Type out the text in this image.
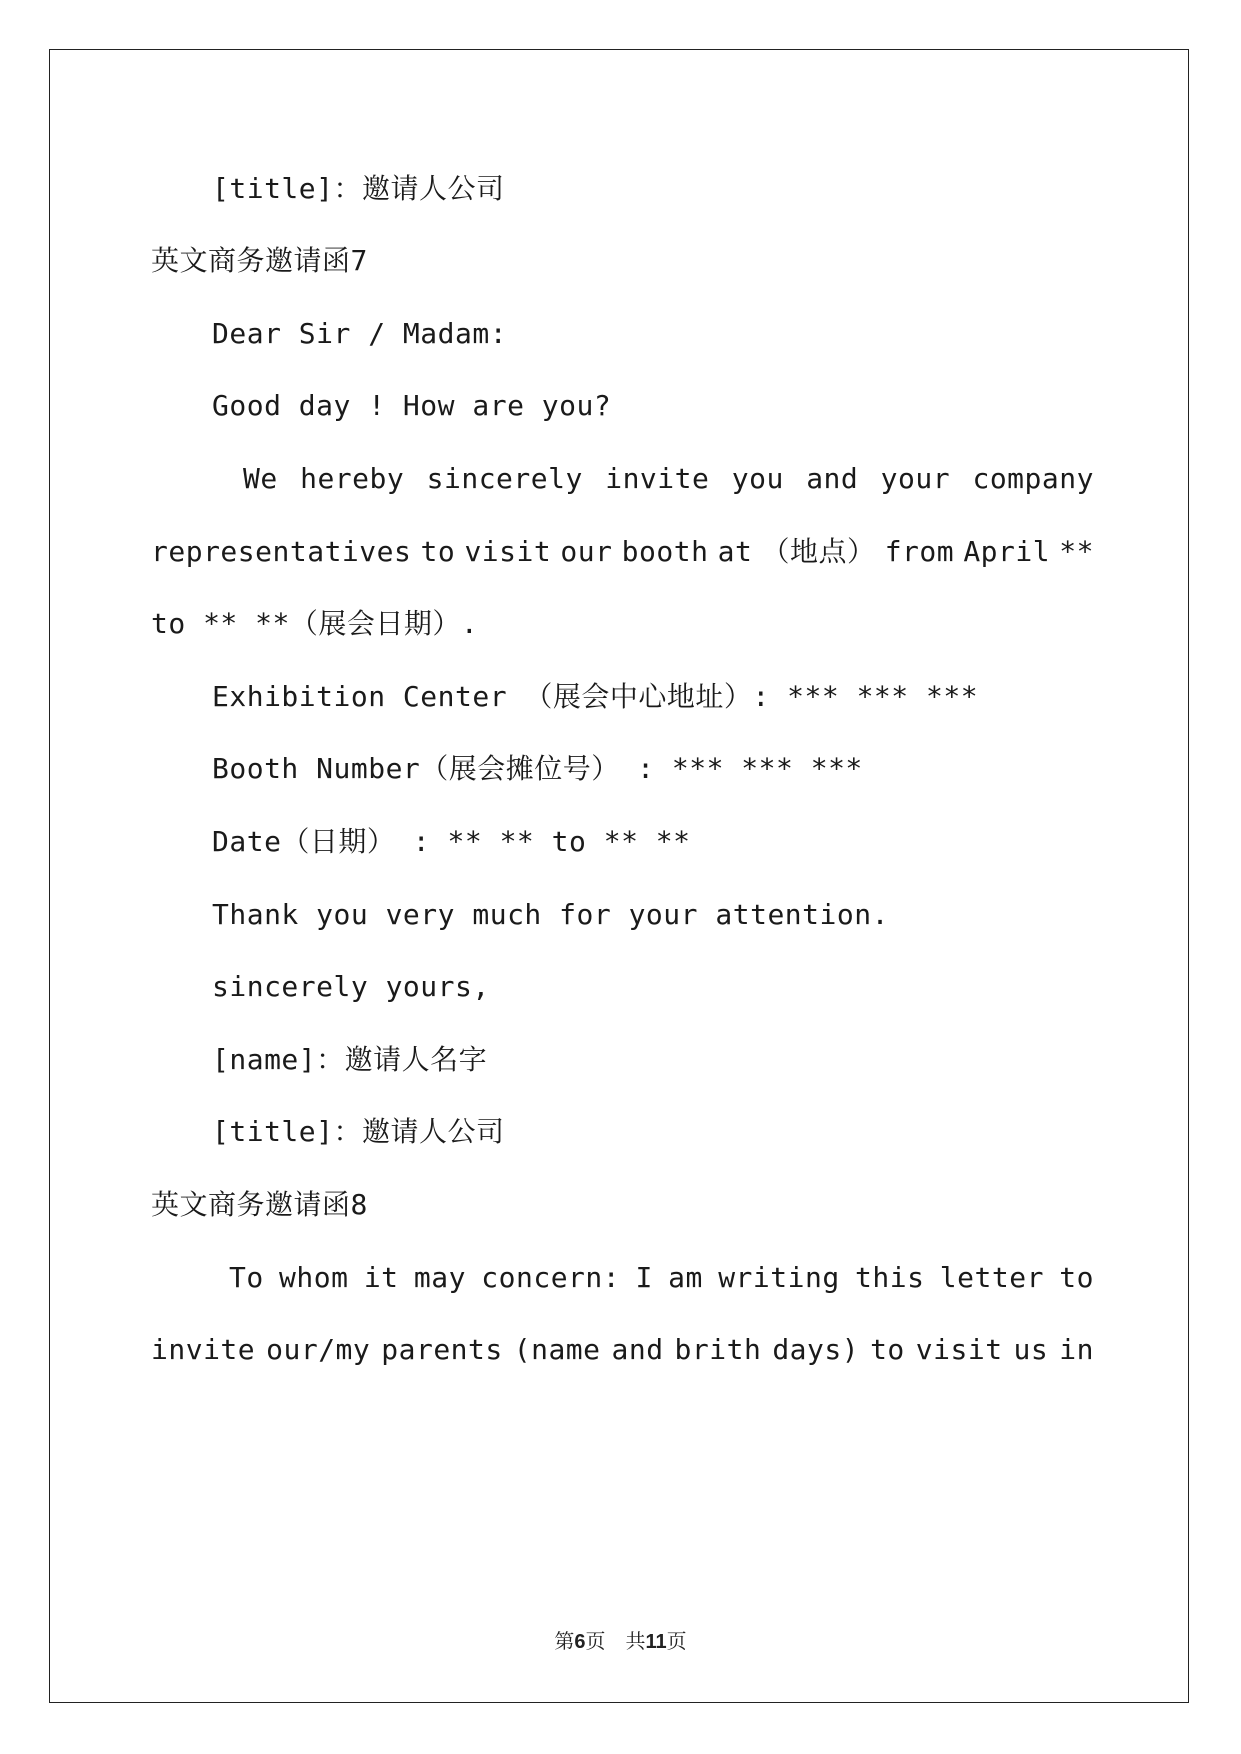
[title]：邀请人公司
英文商务邀请函7
Dear Sir / Madam:
Good day ! How are you?
We hereby sincerely invite you and your company
representatives to visit our booth at （地点） from April **
to ** **（展会日期）.
Exhibition Center （展会中心地址）: *** *** ***
Booth Number（展会摊位号） : *** *** ***
Date（日期） : ** ** to ** **
Thank you very much for your attention.
sincerely yours,
[name]：邀请人名字
[title]：邀请人公司
英文商务邀请函8
To whom it may concern: I am writing this letter to
invite our/my parents (name and brith days) to visit us in
第6页　共11页
